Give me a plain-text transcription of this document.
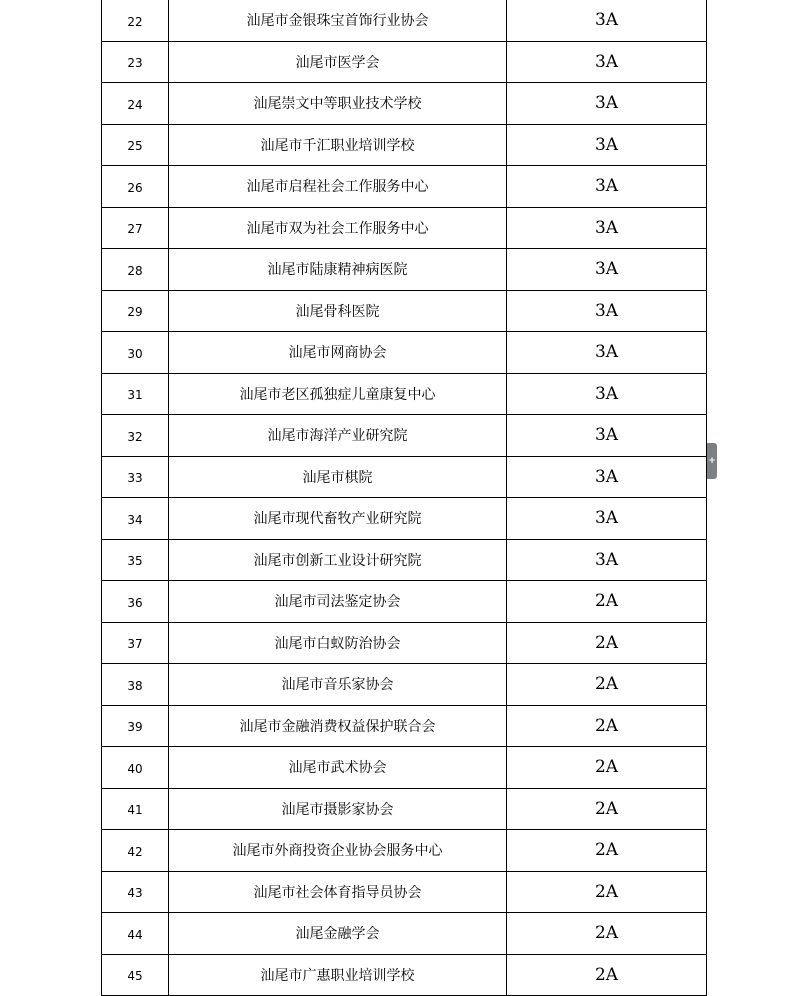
22	汕尾市金银珠宝首饰行业协会	3A
23	汕尾市医学会	3A
24	汕尾崇文中等职业技术学校	3A
25	汕尾市千汇职业培训学校	3A
26	汕尾市启程社会工作服务中心	3A
27	汕尾市双为社会工作服务中心	3A
28	汕尾市陆康精神病医院	3A
29	汕尾骨科医院	3A
30	汕尾市网商协会	3A
31	汕尾市老区孤独症儿童康复中心	3A
32	汕尾市海洋产业研究院	3A
33	汕尾市棋院	3A
34	汕尾市现代畜牧产业研究院	3A
35	汕尾市创新工业设计研究院	3A
36	汕尾市司法鉴定协会	2A
37	汕尾市白蚁防治协会	2A
38	汕尾市音乐家协会	2A
39	汕尾市金融消费权益保护联合会	2A
40	汕尾市武术协会	2A
41	汕尾市摄影家协会	2A
42	汕尾市外商投资企业协会服务中心	2A
43	汕尾市社会体育指导员协会	2A
44	汕尾金融学会	2A
45	汕尾市广惠职业培训学校	2A
+
